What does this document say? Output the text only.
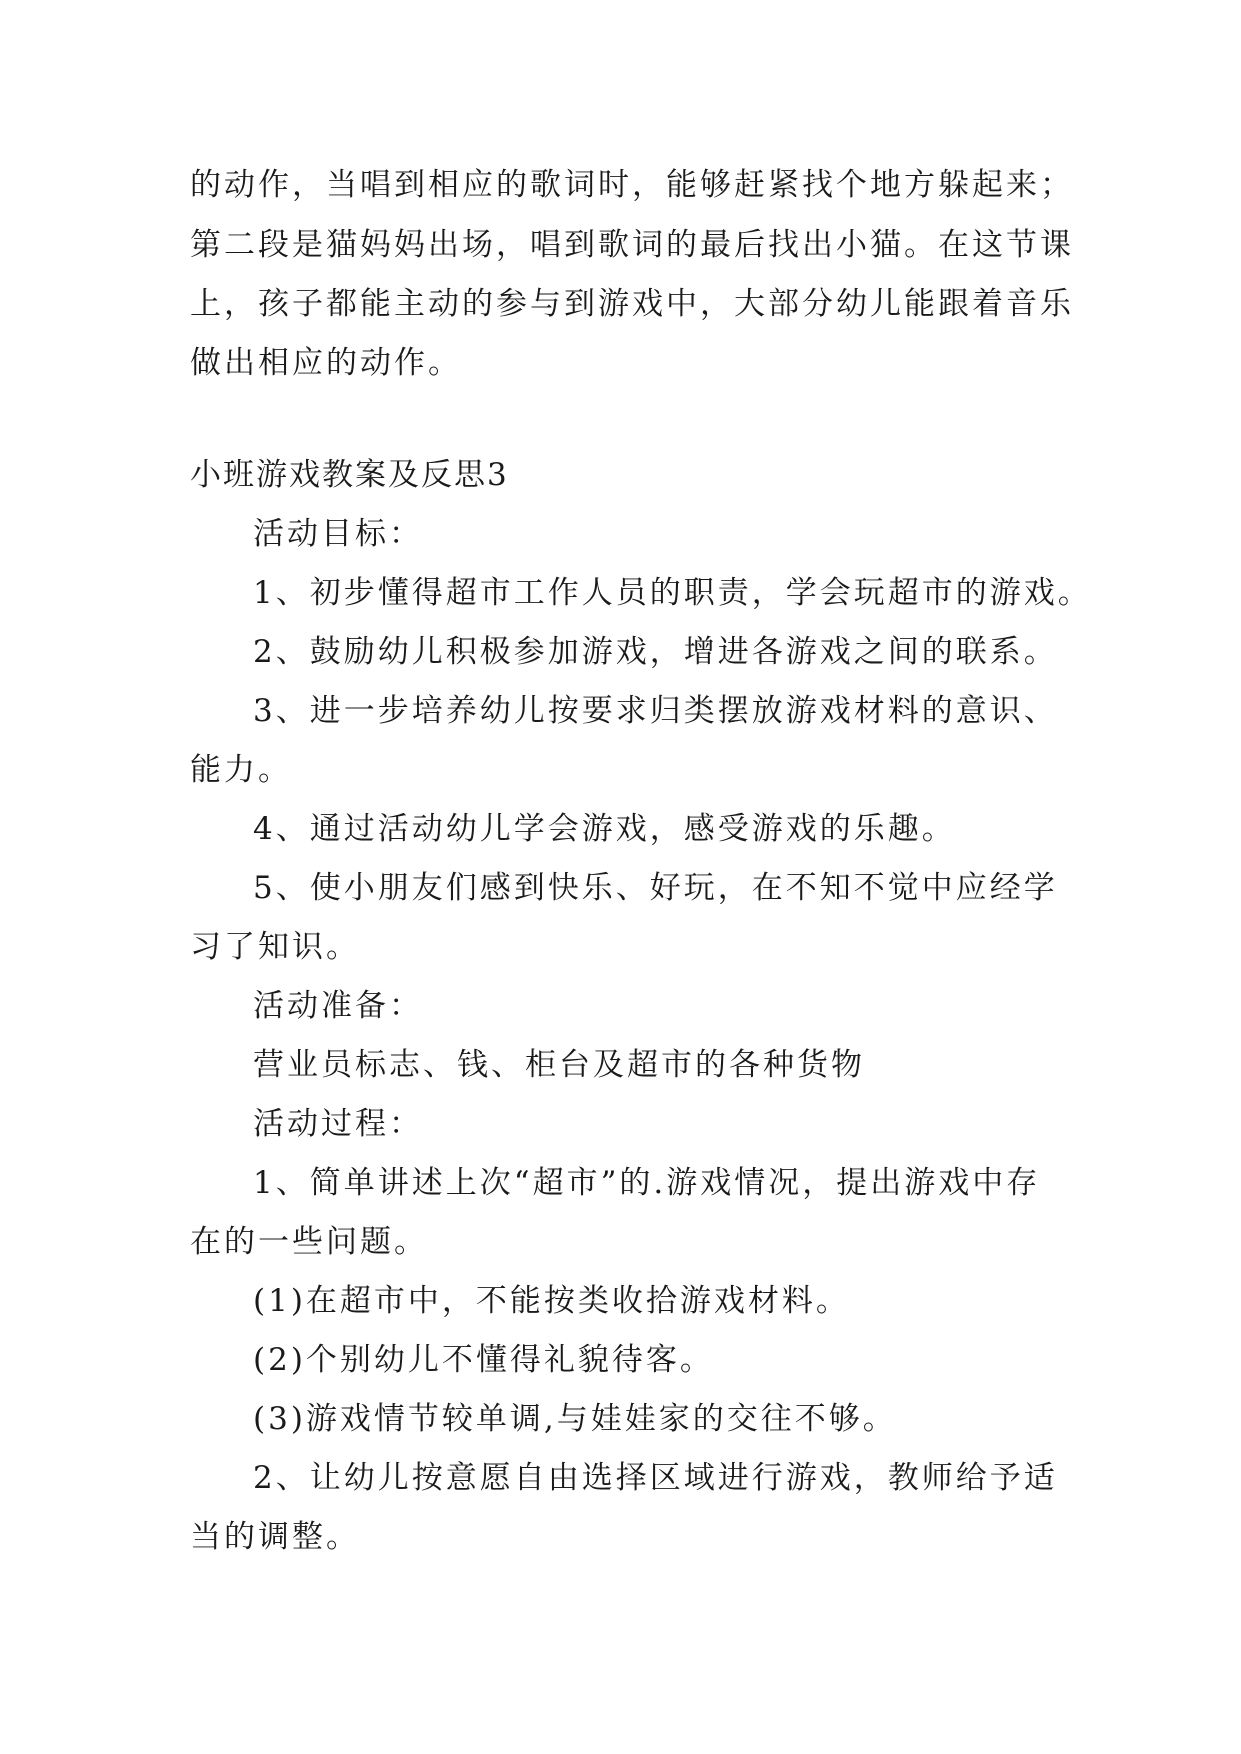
的动作，当唱到相应的歌词时，能够赶紧找个地方躲起来；
第二段是猫妈妈出场，唱到歌词的最后找出小猫。在这节课
上，孩子都能主动的参与到游戏中，大部分幼儿能跟着音乐
做出相应的动作。
小班游戏教案及反思3
活动目标：
1、初步懂得超市工作人员的职责，学会玩超市的游戏。
2、鼓励幼儿积极参加游戏，增进各游戏之间的联系。
3、进一步培养幼儿按要求归类摆放游戏材料的意识、
能力。
4、通过活动幼儿学会游戏，感受游戏的乐趣。
5、使小朋友们感到快乐、好玩，在不知不觉中应经学
习了知识。
活动准备：
营业员标志、钱、柜台及超市的各种货物
活动过程：
1、简单讲述上次“超市”的.游戏情况，提出游戏中存
在的一些问题。
(1)在超市中，不能按类收拾游戏材料。
(2)个别幼儿不懂得礼貌待客。
(3)游戏情节较单调,与娃娃家的交往不够。
2、让幼儿按意愿自由选择区域进行游戏，教师给予适
当的调整。
